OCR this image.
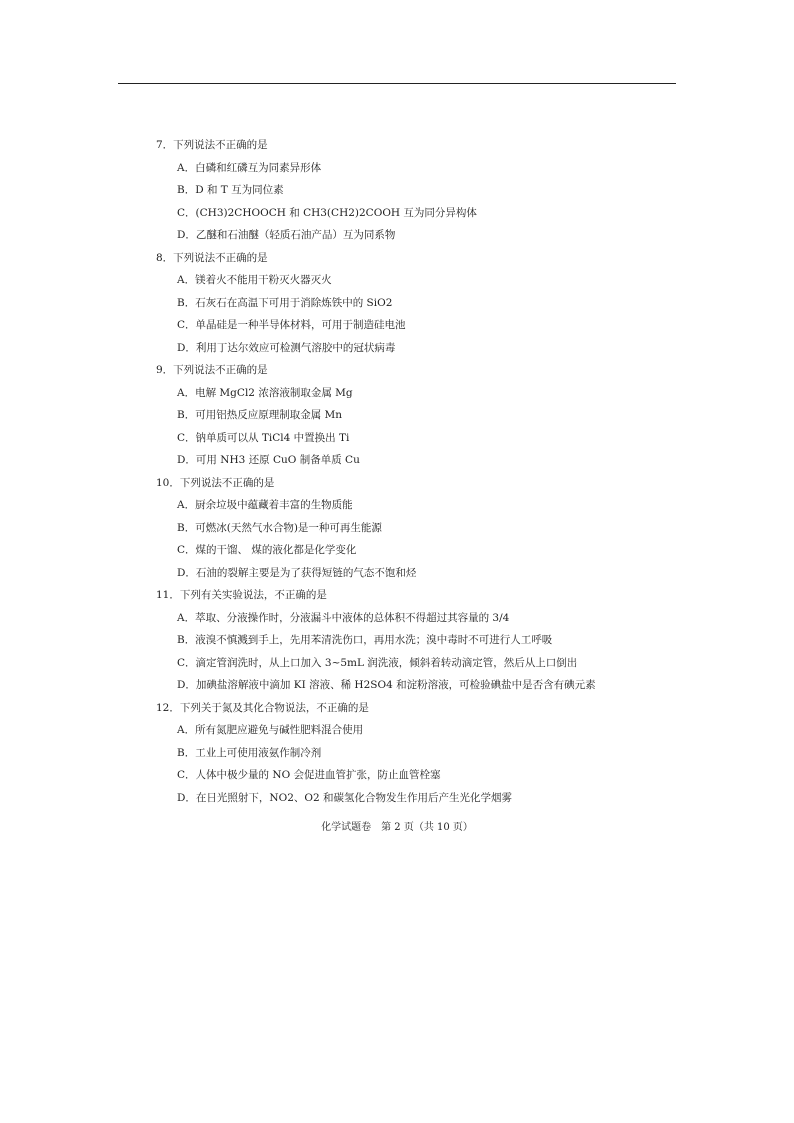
7．下列说法不正确的是
A．白磷和红磷互为同素异形体
B．D 和 T 互为同位素
C．(CH3)2CHOOCH 和 CH3(CH2)2COOH 互为同分异构体
D．乙醚和石油醚（轻质石油产品）互为同系物
8．下列说法不正确的是
A．镁着火不能用干粉灭火器灭火
B．石灰石在高温下可用于消除炼铁中的 SiO2
C．单晶硅是一种半导体材料，可用于制造硅电池
D．利用丁达尔效应可检测气溶胶中的冠状病毒
9．下列说法不正确的是
A．电解 MgCl2 浓溶液制取金属 Mg
B．可用铝热反应原理制取金属 Mn
C．钠单质可以从 TiCl4 中置换出 Ti
D．可用 NH3 还原 CuO 制备单质 Cu
10．下列说法不正确的是
A．厨余垃圾中蕴藏着丰富的生物质能
B．可燃冰(天然气水合物)是一种可再生能源
C．煤的干馏、 煤的液化都是化学变化
D．石油的裂解主要是为了获得短链的气态不饱和烃
11．下列有关实验说法，不正确的是
A．萃取、分液操作时，分液漏斗中液体的总体积不得超过其容量的 3/4
B．液溴不慎溅到手上，先用苯清洗伤口，再用水洗；溴中毒时不可进行人工呼吸
C．滴定管润洗时，从上口加入 3~5mL 润洗液，倾斜着转动滴定管，然后从上口倒出
D．加碘盐溶解液中滴加 KI 溶液、稀 H2SO4 和淀粉溶液，可检验碘盐中是否含有碘元素
12．下列关于氮及其化合物说法，不正确的是
A．所有氮肥应避免与碱性肥料混合使用
B．工业上可使用液氨作制冷剂
C．人体中极少量的 NO 会促进血管扩张，防止血管栓塞
D．在日光照射下，NO2、O2 和碳氢化合物发生作用后产生光化学烟雾
化学试题卷　第 2 页（共 10 页）
